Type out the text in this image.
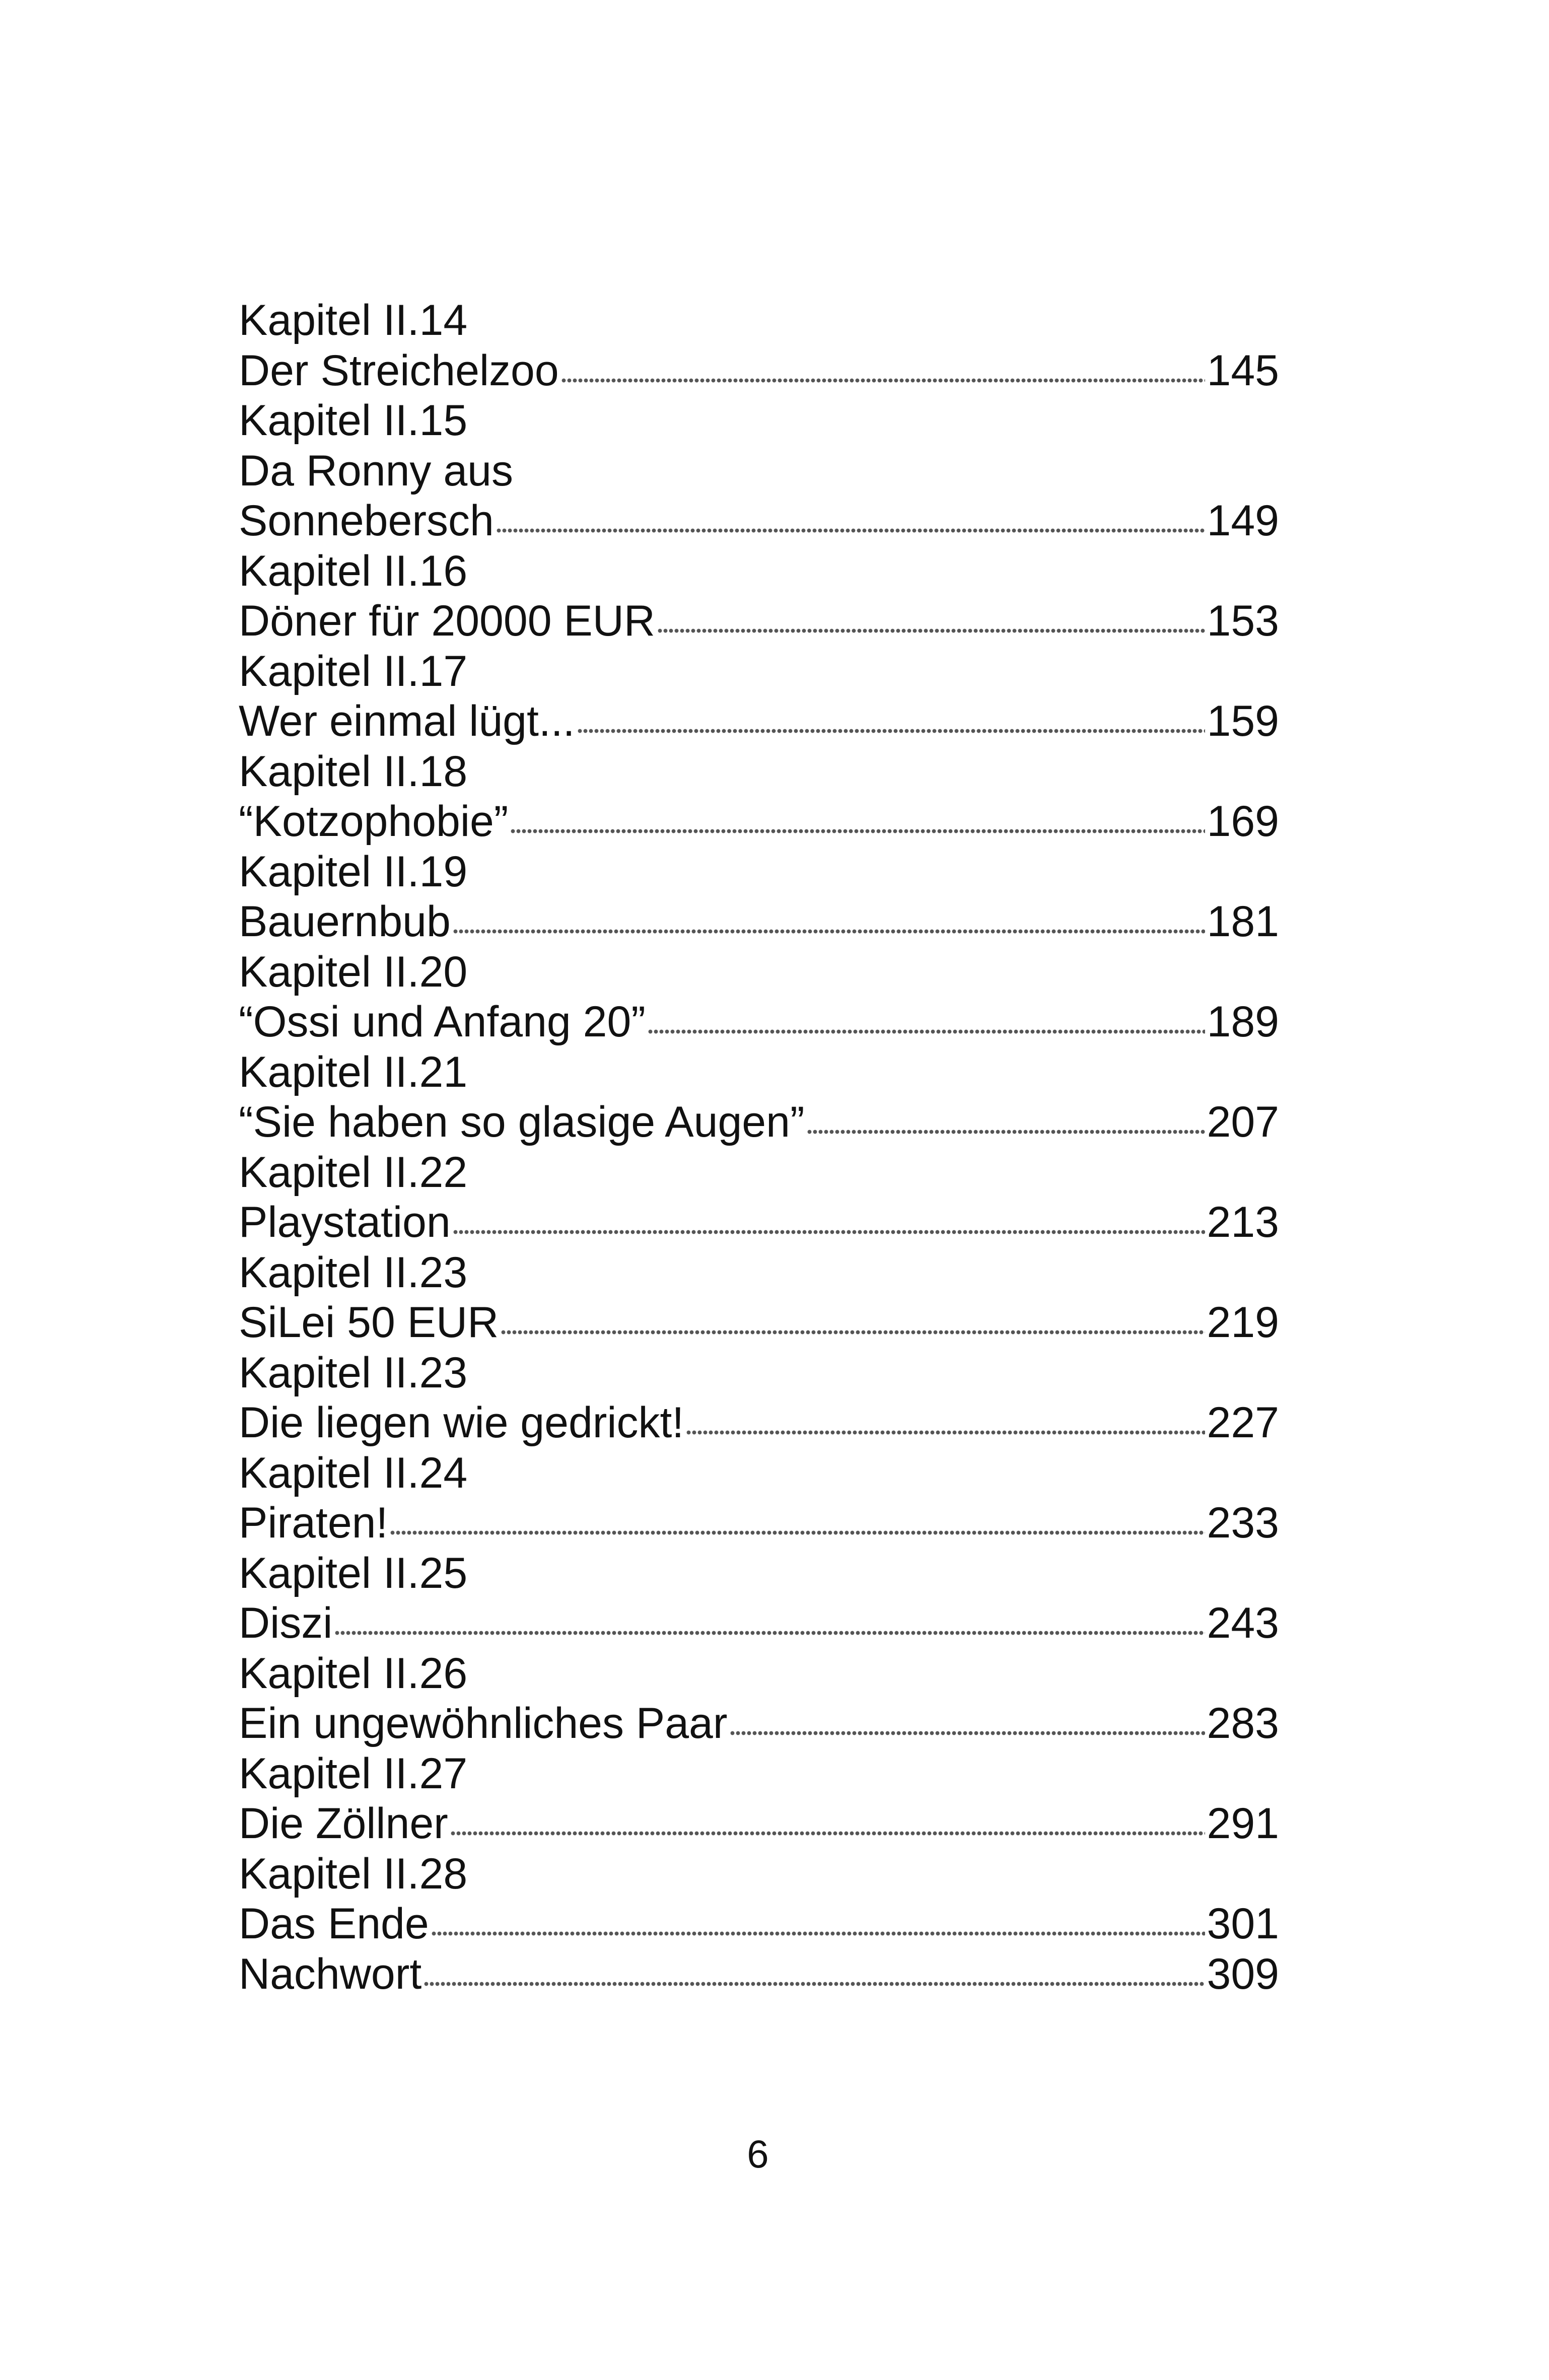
Kapitel II.14
Der Streichelzoo	145
Kapitel II.15
Da Ronny aus
Sonnebersch	149
Kapitel II.16
Döner für 20000 EUR	153
Kapitel II.17
Wer einmal lügt...	159
Kapitel II.18
“Kotzophobie”	169
Kapitel II.19
Bauernbub	181
Kapitel II.20
“Ossi und Anfang 20”	189
Kapitel II.21
“Sie haben so glasige Augen”	207
Kapitel II.22
Playstation	213
Kapitel II.23
SiLei 50 EUR	219
Kapitel II.23
Die liegen wie gedrickt!	227
Kapitel II.24
Piraten!	233
Kapitel II.25
Diszi	243
Kapitel II.26
Ein ungewöhnliches Paar	283
Kapitel II.27
Die Zöllner	291
Kapitel II.28
Das Ende	301
Nachwort	309
6
